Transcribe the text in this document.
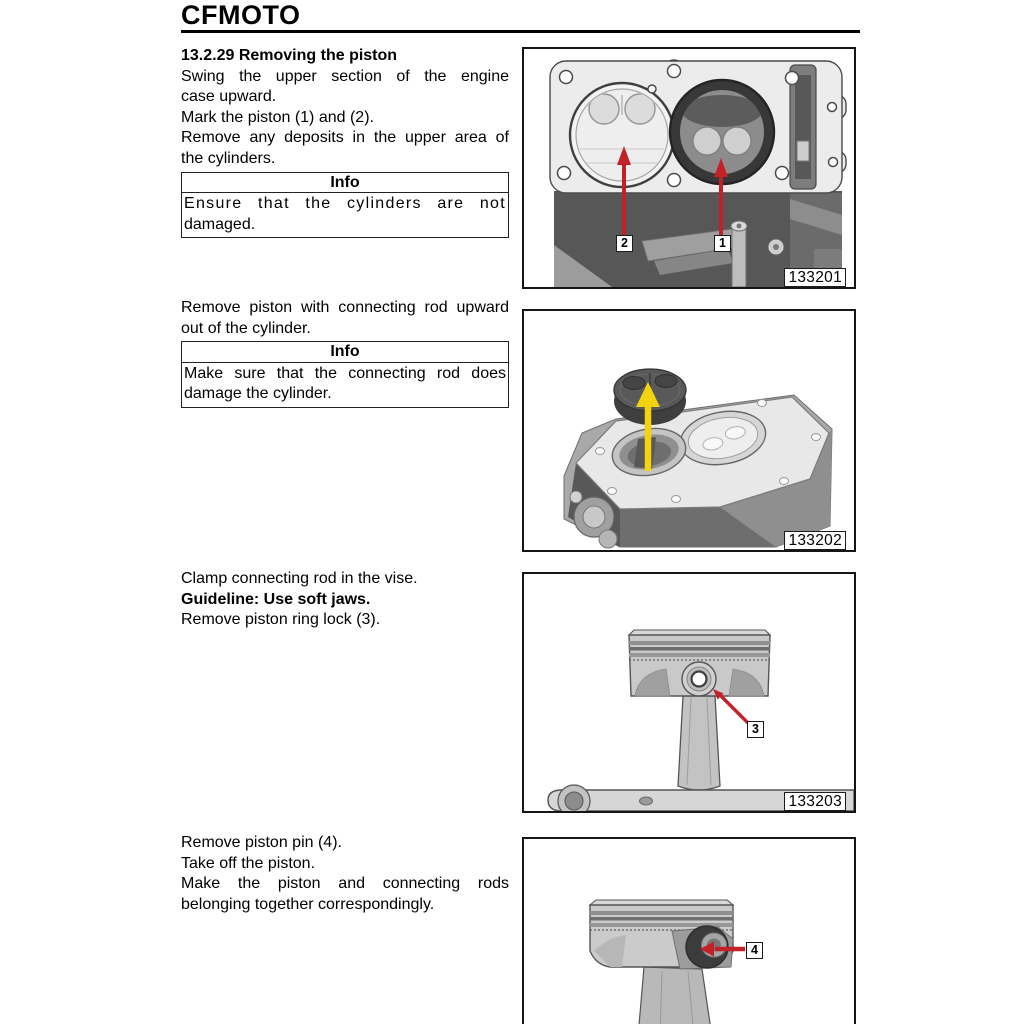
CFMOTO
13.2.29 Removing the piston
Swing the upper section of the engine
case upward.
Mark the piston (1) and (2).
Remove any deposits in the upper area of
the cylinders.
Info
Ensure that the cylinders are not
damaged.
Remove piston with connecting rod upward
out of the cylinder.
Info
Make sure that the connecting rod does
damage the cylinder.
Clamp connecting rod in the vise.
Guideline: Use soft jaws.
Remove piston ring lock (3).
Remove piston pin (4).
Take off the piston.
Make the piston and connecting rods
belonging together correspondingly.
2	1
133201
133202
3
133203
4
